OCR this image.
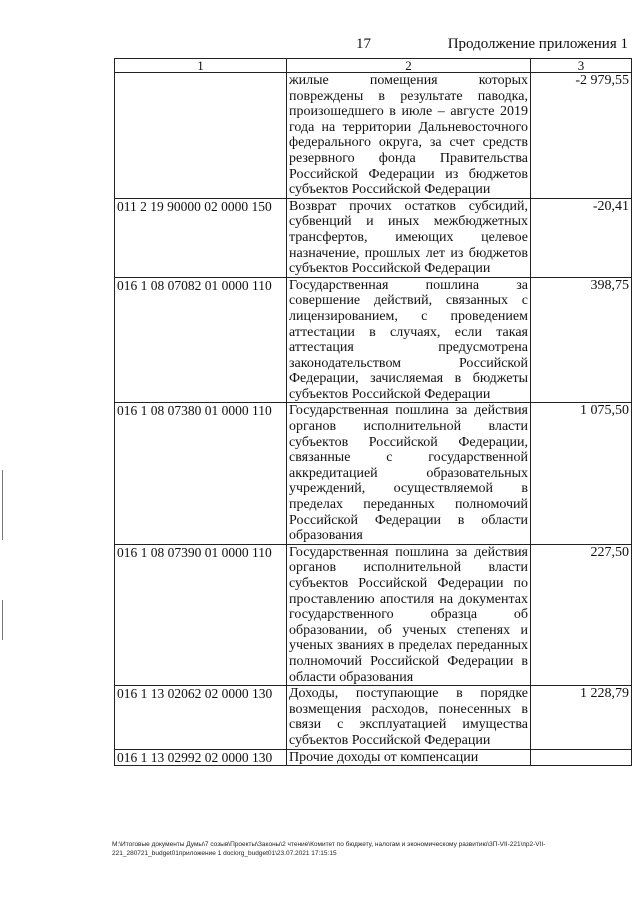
17	Продолжение приложения 1
1	2	3
	жилые помещения которых повреждены в результате паводка, произошедшего в июле – августе 2019 года на территории Дальневосточного федерального округа, за счет средств резервного фонда Правительства Российской Федерации из бюджетов субъектов Российской Федерации	-2 979,55
011 2 19 90000 02 0000 150	Возврат прочих остатков субсидий, субвенций и иных межбюджетных трансфертов, имеющих целевое назначение, прошлых лет из бюджетов субъектов Российской Федерации	-20,41
016 1 08 07082 01 0000 110	Государственная пошлина за совершение действий, связанных с лицензированием, с проведением аттестации в случаях, если такая аттестация предусмотрена законодательством Российской Федерации, зачисляемая в бюджеты субъектов Российской Федерации	398,75
016 1 08 07380 01 0000 110	Государственная пошлина за действия органов исполнительной власти субъектов Российской Федерации, связанные с государственной аккредитацией образовательных учреждений, осуществляемой в пределах переданных полномочий Российской Федерации в области образования	1 075,50
016 1 08 07390 01 0000 110	Государственная пошлина за действия органов исполнительной власти субъектов Российской Федерации по проставлению апостиля на документах государственного образца об образовании, об ученых степенях и ученых званиях в пределах переданных полномочий Российской Федерации в области образования	227,50
016 1 13 02062 02 0000 130	Доходы, поступающие в порядке возмещения расходов, понесенных в связи с эксплуатацией имущества субъектов Российской Федерации	1 228,79
016 1 13 02992 02 0000 130	Прочие доходы от компенсации	
М:\Итоговые документы Думы\7 созыв\Проекты\Законы\2 чтение\Комитет по бюджету, налогам и экономическому развитию\3П-VII-221\пр2-VII-221_280721_budget01приложение 1 doclorg_budget01\23.07.2021 17:15:15
